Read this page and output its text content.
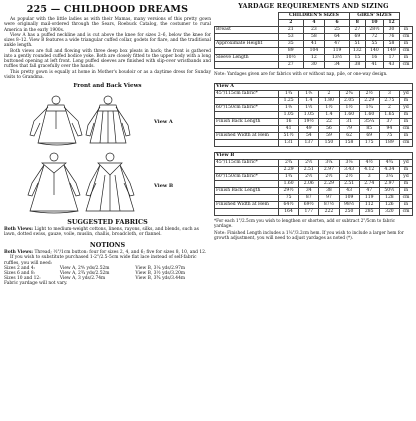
225 — CHILDHOOD DREAMS

As popular with the little ladies as with their Mamas, many versions of this pretty gown were originally mail-ordered through the Sears, Roebuck Catalog, the costumer to rural America in the early 1900s.

View A has a puffed neckline and is cut above the knee for sizes 2–6, below the knee for sizes 8–12. View B features a wide triangular cuffed collar, godets for flare, and the traditional ankle length.

Both views are full and flowing with three deep box pleats in back; the front is gathered into a gently rounded cuffed bodice yoke. Both are closely fitted to the upper body with a long buttoned opening at left front. Long puffed sleeves are finished with slip-over wristbands and ruffles that fall gracefully over the hands.

This pretty gown is equally at home in Mother's boudoir or as a daytime dress for Sunday visits to Grandma.

Front and Back Views
View A
View B
SUGGESTED FABRICS
Both Views: Light to medium-weight cottons, linens, rayons, silks, and blends, such as lawn, dotted swiss, gauze, voile, muslin, challis, broadcloth, or flannel.
NOTIONS
Both Views: Thread; ½"/1cm button: four for sizes 2, 4, and 6; five for sizes 8, 10, and 12.
If you wish to substitute purchased 1-2"/2.5-5cm wide flat lace instead of self-fabric ruffles, you will need:
Sizes 2 and 4:	View A, 2⅘ yds/2.52m	View B, 3¼ yds/2.97m
Sizes 6 and 8:	View A, 2¾ yds/2.52m	View B, 3½ yds/3.20m
Sizes 10 and 12:	View A, 3 yds/2.74m	View B, 3¾ yds/3.44m
Fabric yardage will not vary.
YARDAGE REQUIREMENTS AND SIZING
	CHILDREN'S SIZES			GIRLS' SIZES			
	2	4	6	8	10	12	
Breast	21	23	25	27	28½	30	in
	53	58	64	69	72	76	cm
Approximate Height	35	41	47	51	55	58	in
	89	104	119	132	140	149	cm
Sleeve Length	10½	12	13½	15	16	17	in
	27	30	34	38	41	43	cm
Note: Yardages given are for fabrics with or without nap, pile, or one-way design.
View A							
45"/115cm fabric*	1¾	1⅗	2	2¾	2½	3	yd
	1.25	1.4	1.80	2.05	2.29	2.75	m
60"/150cm fabric*	1⅗	1½	1½	1½	1¾	2	yd
	1.05	1.05	1.4	1.60	1.60	1.65	m
Finish Back Length	16	19½	22	31	35¼	37	in
	41	49	56	79	85	94	cm
Finished Width at Hem	51½	54	59	62	69	75	in
	131	137	150	158	175	189	cm
View B							
45"/115cm fabric*	2¾	2½	3¼	3⅛	4½	4¾	yd
	2.29	2.51	2.97	3.43	4.12	4.34	m
60"/150cm fabric*	1¾	2½	2½	2½	3	3¼	yd
	1.60	2.06	2.29	2.51	2.74	2.97	m
Finish Back Length	29½	34	38	43	47	50½	in
	75	87	97	109	119	128	cm
Finished Width at Hem	64½	69½	87½	98½	112	126	in
	164	177	222	250	285	320	cm
*For each 1"/2.5cm you wish to lengthen or shorten, add or subtract 2"/5cm to fabric yardage.
Note: Finished Length includes a 1¼"/3.2cm hem. If you wish to include a larger hem for growth adjustment, you will need to adjust yardages as noted (*).
